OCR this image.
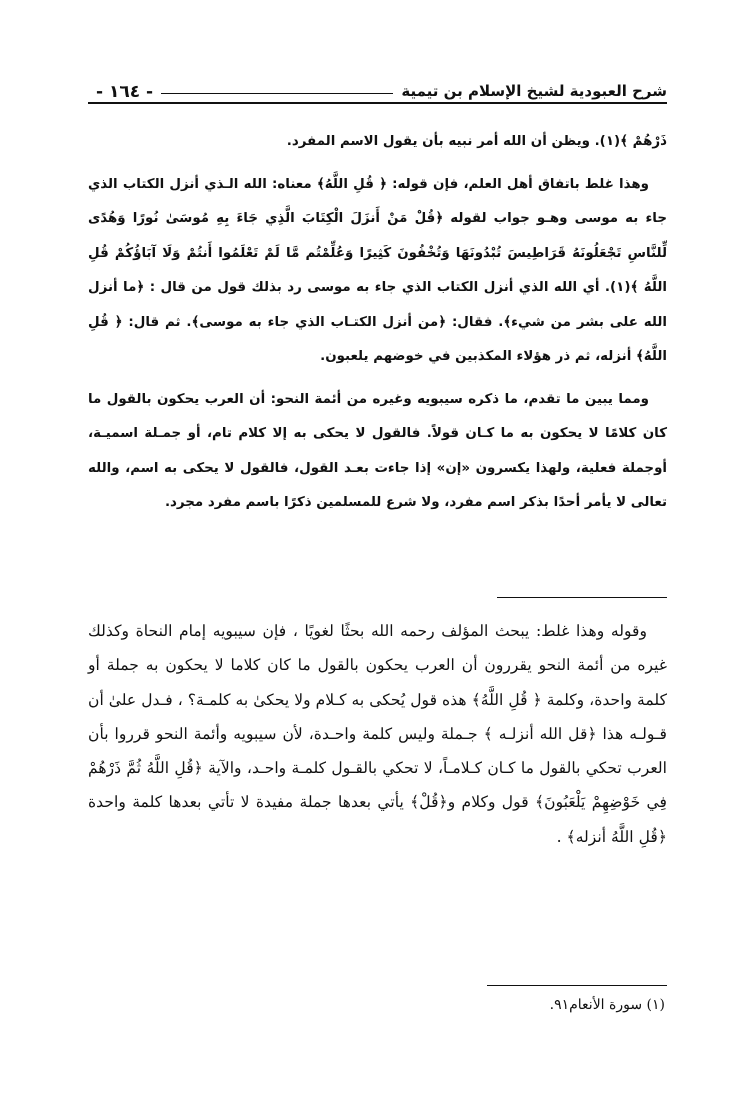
شرح العبودية لشيخ الإسلام بن تيمية
- ١٦٤ -

ذَرْهُمْ ﴾(١). ويظن أن الله أمر نبيه بأن يقول الاسم المفرد.

وهذا غلط باتفاق أهل العلم، فإن قوله: ﴿ قُلِ اللَّهُ﴾ معناه: الله الـذي أنزل الكتاب الذي جاء به موسى وهـو جواب لقوله ﴿قُلْ مَنْ أَنزَلَ الْكِتَابَ الَّذِي جَاءَ بِهِ مُوسَىٰ نُورًا وَهُدًى لِّلنَّاسِ تَجْعَلُونَهُ قَرَاطِيسَ تُبْدُونَهَا وَتُخْفُونَ كَثِيرًا وَعُلِّمْتُم مَّا لَمْ تَعْلَمُوا أَنتُمْ وَلَا آبَاؤُكُمْ قُلِ اللَّهُ ﴾(١). أي الله الذي أنزل الكتاب الذي جاء به موسى رد بذلك قول من قال : ﴿ما أنزل الله على بشر من شيء﴾. فقال: ﴿من أنزل الكتـاب الذي جاء به موسى﴾. ثم قال: ﴿ قُلِ اللَّهُ﴾ أنزله، ثم ذر هؤلاء المكذبين في خوضهم يلعبون.

ومما يبين ما تقدم، ما ذكره سيبويه وغيره من أئمة النحو: أن العرب يحكون بالقول ما كان كلامًا لا يحكون به ما كـان قولاً. فالقول لا يحكى به إلا كلام تام، أو جمـلة اسميـة، أوجملة فعلية، ولهذا يكسرون «إن» إذا جاءت بعـد القول، فالقول لا يحكى به اسم، والله تعالى لا يأمر أحدًا بذكر اسم مفرد، ولا شرع للمسلمين ذكرًا باسم مفرد مجرد.

وقوله وهذا غلط: يبحث المؤلف رحمه الله بحثًا لغويًا ، فإن سيبويه إمام النحاة وكذلك غيره من أئمة النحو يقررون أن العرب يحكون بالقول ما كان كلاما لا يحكون به جملة أو كلمة واحدة، وكلمة ﴿ قُلِ اللَّهُ﴾ هذه قول يُحكى به كـلام ولا يحكىٰ به كلمـة؟ ، فـدل علىٰ أن قـولـه هذا ﴿قل الله أنزلـه ﴾ جـملة وليس كلمة واحـدة، لأن سيبويه وأئمة النحو قرروا بأن العرب تحكي بالقول ما كـان كـلامـاً، لا تحكي بالقـول كلمـة واحـد، والآية ﴿قُلِ اللَّهُ ثُمَّ ذَرْهُمْ فِي خَوْضِهِمْ يَلْعَبُونَ﴾ قول وكلام و﴿قُلْ﴾ يأتي بعدها جملة مفيدة لا تأتي بعدها كلمة واحدة ﴿قُلِ اللَّهُ أنزله﴾ .

(١) سورة الأنعام٩١.
